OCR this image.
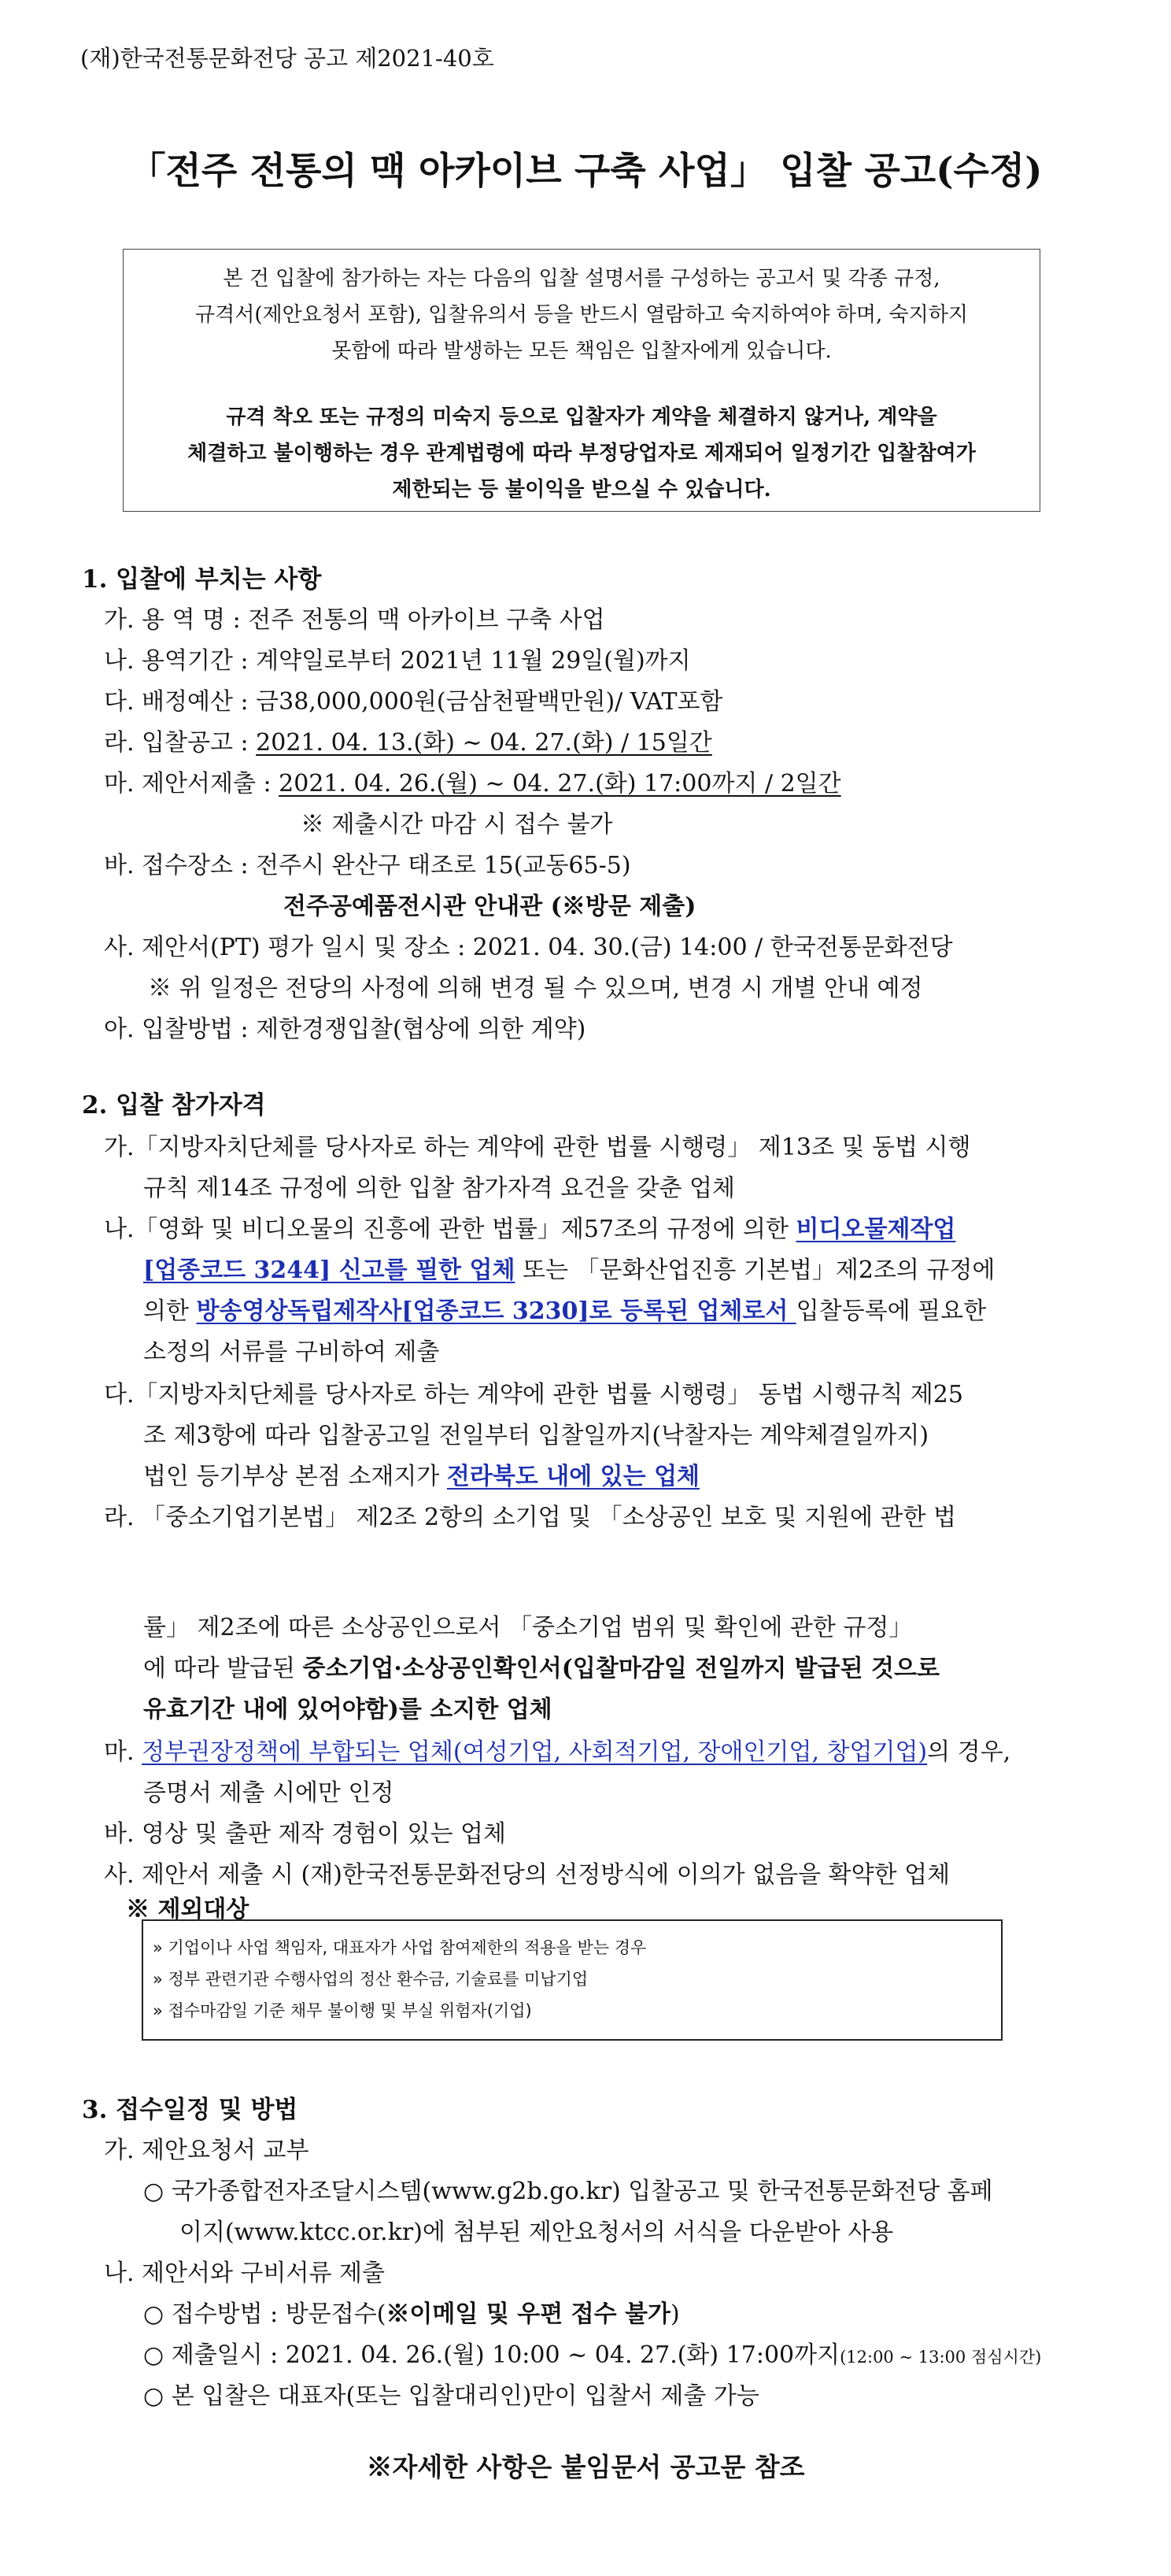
(재)한국전통문화전당 공고 제2021-40호
「전주 전통의 맥 아카이브 구축 사업」 입찰 공고(수정)
본 건 입찰에 참가하는 자는 다음의 입찰 설명서를 구성하는 공고서 및 각종 규정,
규격서(제안요청서 포함), 입찰유의서 등을 반드시 열람하고 숙지하여야 하며, 숙지하지
못함에 따라 발생하는 모든 책임은 입찰자에게 있습니다.
규격 착오 또는 규정의 미숙지 등으로 입찰자가 계약을 체결하지 않거나, 계약을
체결하고 불이행하는 경우 관계법령에 따라 부정당업자로 제재되어 일정기간 입찰참여가
제한되는 등 불이익을 받으실 수 있습니다.
1. 입찰에 부치는 사항
가. 용 역 명 : 전주 전통의 맥 아카이브 구축 사업
나. 용역기간 : 계약일로부터 2021년 11월 29일(월)까지
다. 배정예산 : 금38,000,000원(금삼천팔백만원)/ VAT포함
라. 입찰공고 : 2021. 04. 13.(화) ~ 04. 27.(화) / 15일간
마. 제안서제출 : 2021. 04. 26.(월) ~ 04. 27.(화) 17:00까지 / 2일간
※ 제출시간 마감 시 접수 불가
바. 접수장소 : 전주시 완산구 태조로 15(교동65-5)
전주공예품전시관 안내관 (※방문 제출)
사. 제안서(PT) 평가 일시 및 장소 : 2021. 04. 30.(금) 14:00 / 한국전통문화전당
※ 위 일정은 전당의 사정에 의해 변경 될 수 있으며, 변경 시 개별 안내 예정
아. 입찰방법 : 제한경쟁입찰(협상에 의한 계약)
2. 입찰 참가자격
가.「지방자치단체를 당사자로 하는 계약에 관한 법률 시행령」 제13조 및 동법 시행
규칙 제14조 규정에 의한 입찰 참가자격 요건을 갖춘 업체
나.「영화 및 비디오물의 진흥에 관한 법률」제57조의 규정에 의한 비디오물제작업
[업종코드 3244] 신고를 필한 업체 또는 「문화산업진흥 기본법」제2조의 규정에
의한 방송영상독립제작사[업종코드 3230]로 등록된 업체로서 입찰등록에 필요한
소정의 서류를 구비하여 제출
다.「지방자치단체를 당사자로 하는 계약에 관한 법률 시행령」 동법 시행규칙 제25
조 제3항에 따라 입찰공고일 전일부터 입찰일까지(낙찰자는 계약체결일까지)
법인 등기부상 본점 소재지가 전라북도 내에 있는 업체
라. 「중소기업기본법」 제2조 2항의 소기업 및 「소상공인 보호 및 지원에 관한 법
률」 제2조에 따른 소상공인으로서 「중소기업 범위 및 확인에 관한 규정」
에 따라 발급된 중소기업·소상공인확인서(입찰마감일 전일까지 발급된 것으로
유효기간 내에 있어야함)를 소지한 업체
마. 정부권장정책에 부합되는 업체(여성기업, 사회적기업, 장애인기업, 창업기업)의 경우,
증명서 제출 시에만 인정
바. 영상 및 출판 제작 경험이 있는 업체
사. 제안서 제출 시 (재)한국전통문화전당의 선정방식에 이의가 없음을 확약한 업체
※ 제외대상
» 기업이나 사업 책임자, 대표자가 사업 참여제한의 적용을 받는 경우
» 정부 관련기관 수행사업의 정산 환수금, 기술료를 미납기업
» 접수마감일 기준 채무 불이행 및 부실 위험자(기업)
3. 접수일정 및 방법
가. 제안요청서 교부
○ 국가종합전자조달시스템(www.g2b.go.kr) 입찰공고 및 한국전통문화전당 홈페
이지(www.ktcc.or.kr)에 첨부된 제안요청서의 서식을 다운받아 사용
나. 제안서와 구비서류 제출
○ 접수방법 : 방문접수(※이메일 및 우편 접수 불가)
○ 제출일시 : 2021. 04. 26.(월) 10:00 ~ 04. 27.(화) 17:00까지(12:00 ~ 13:00 점심시간)
○ 본 입찰은 대표자(또는 입찰대리인)만이 입찰서 제출 가능
※자세한 사항은 붙임문서 공고문 참조
